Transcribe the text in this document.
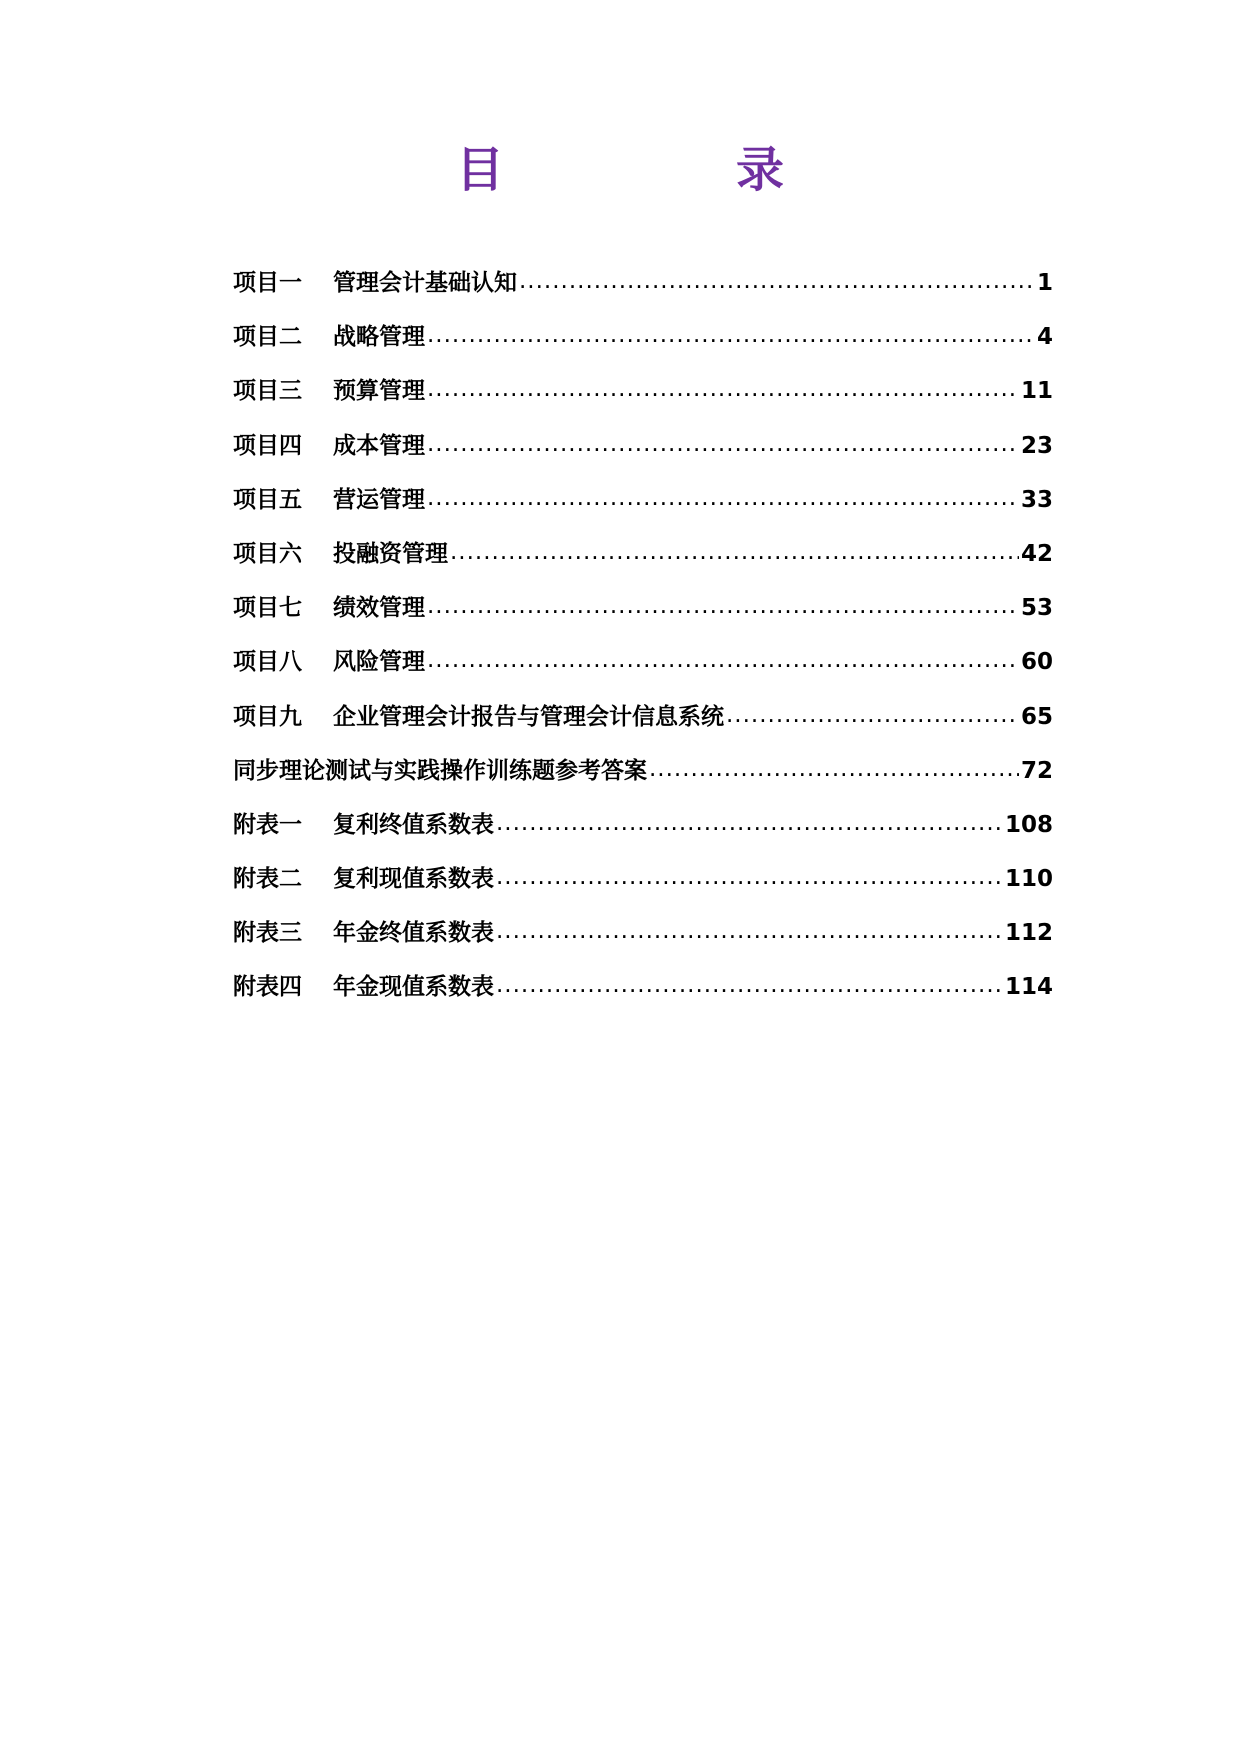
目　录
项目一	管理会计基础认知 .....	1
项目二	战略管理 .....	4
项目三	预算管理 .....	11
项目四	成本管理 .....	23
项目五	营运管理 .....	33
项目六	投融资管理 .....	42
项目七	绩效管理 .....	53
项目八	风险管理 .....	60
项目九	企业管理会计报告与管理会计信息系统 .....	65
同步理论测试与实践操作训练题参考答案 .....	72
附表一	复利终值系数表 .....	108
附表二	复利现值系数表 .....	110
附表三	年金终值系数表 .....	112
附表四	年金现值系数表 .....	114
